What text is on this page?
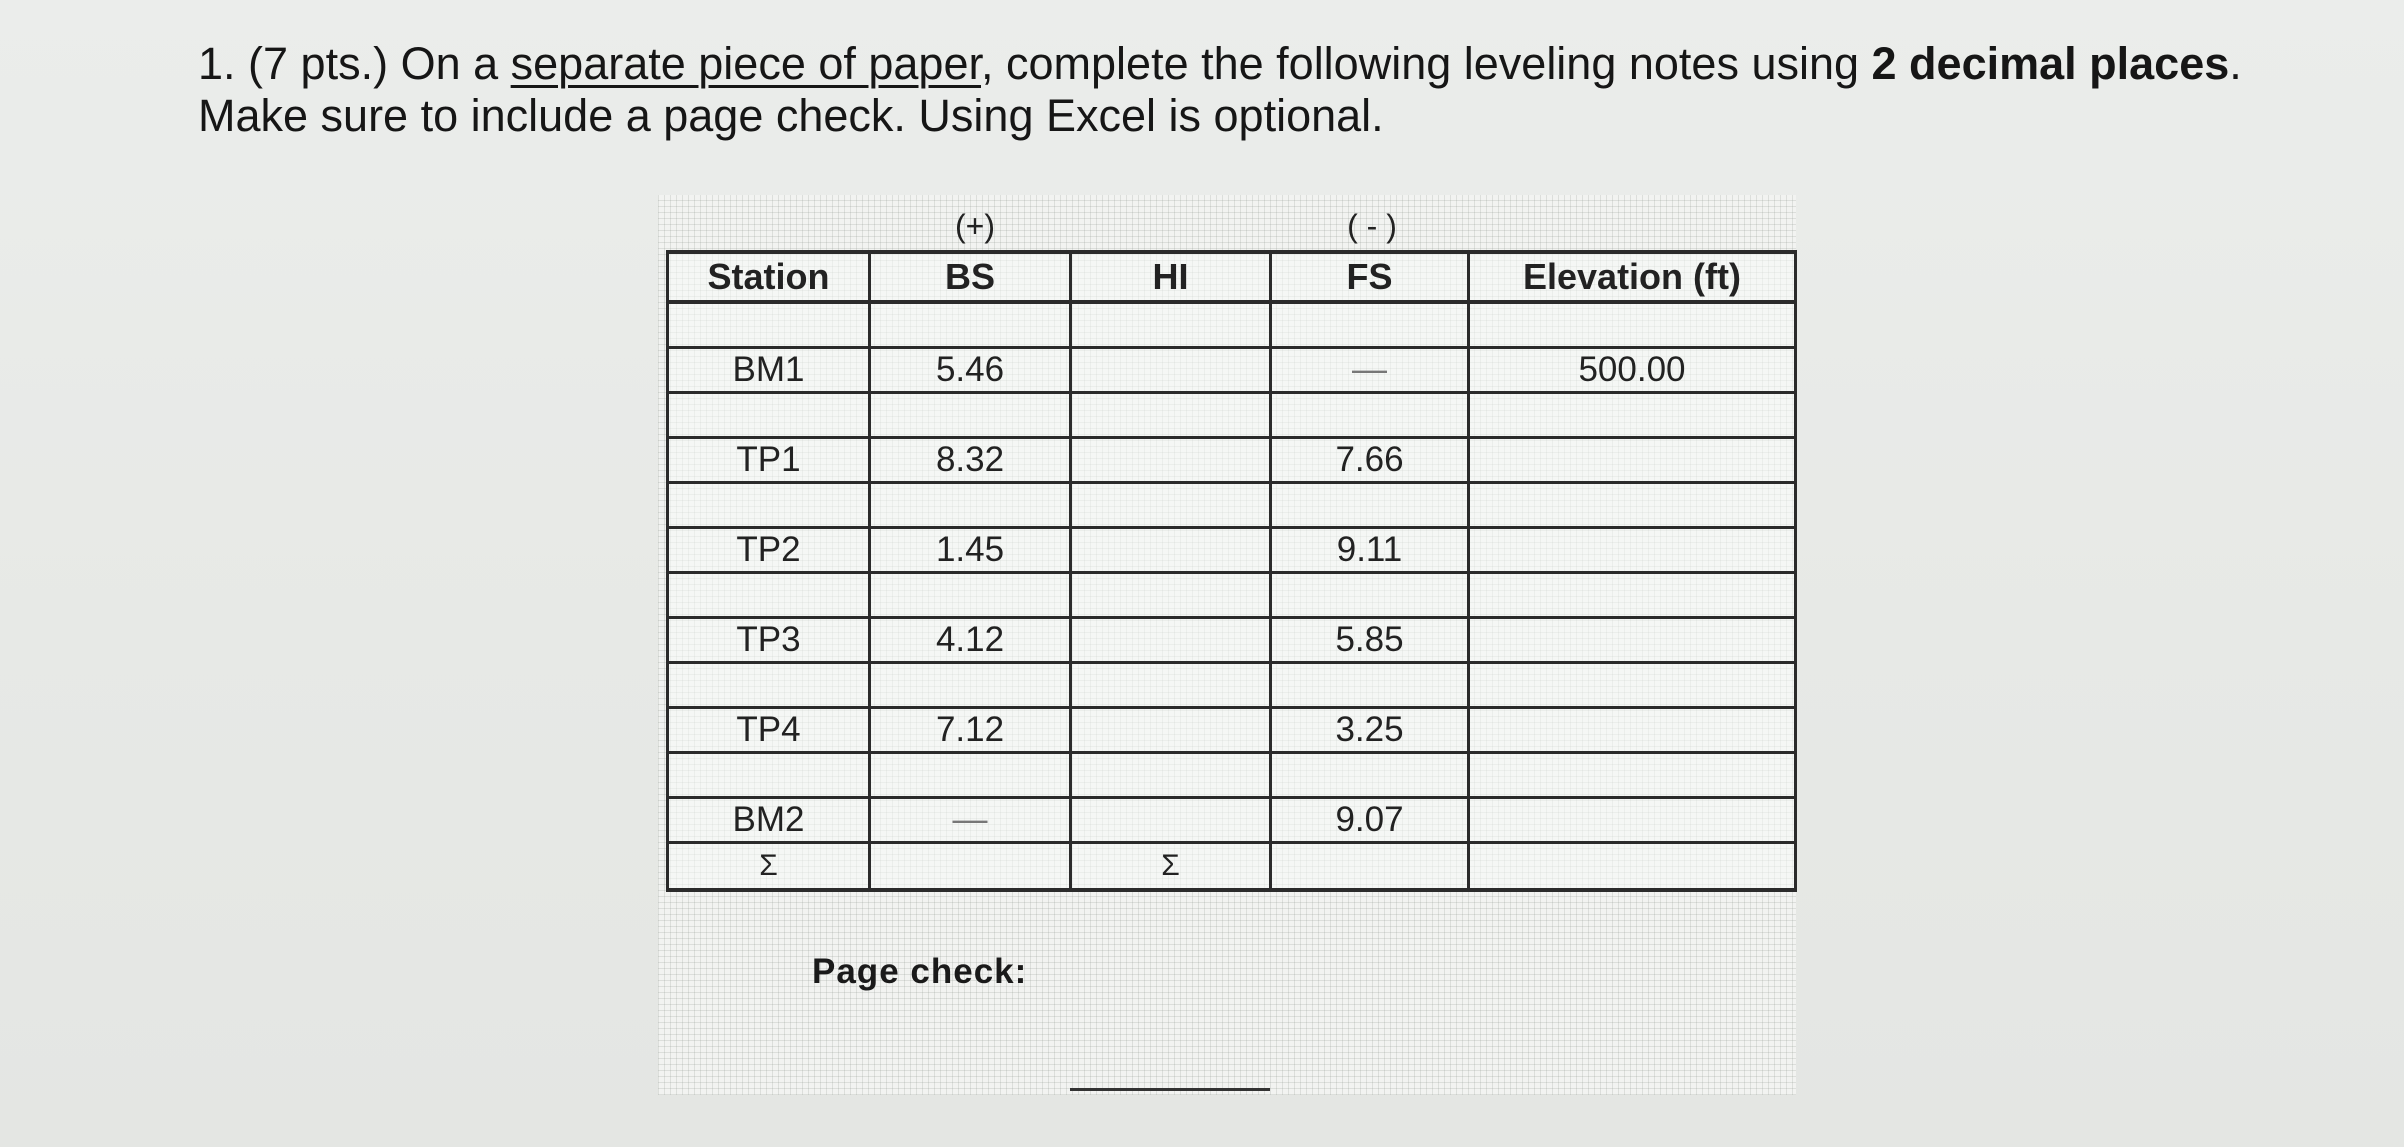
1. (7 pts.) On a separate piece of paper, complete the following leveling notes using 2 decimal places. Make sure to include a page check. Using Excel is optional.

(+)	( - )
Station	BS	HI	FS	Elevation (ft)

BM1	5.46		—	500.00

TP1	8.32		7.66	

TP2	1.45		9.11	

TP3	4.12		5.85	

TP4	7.12		3.25	

BM2	—		9.07	
Σ		Σ		
Page check:
